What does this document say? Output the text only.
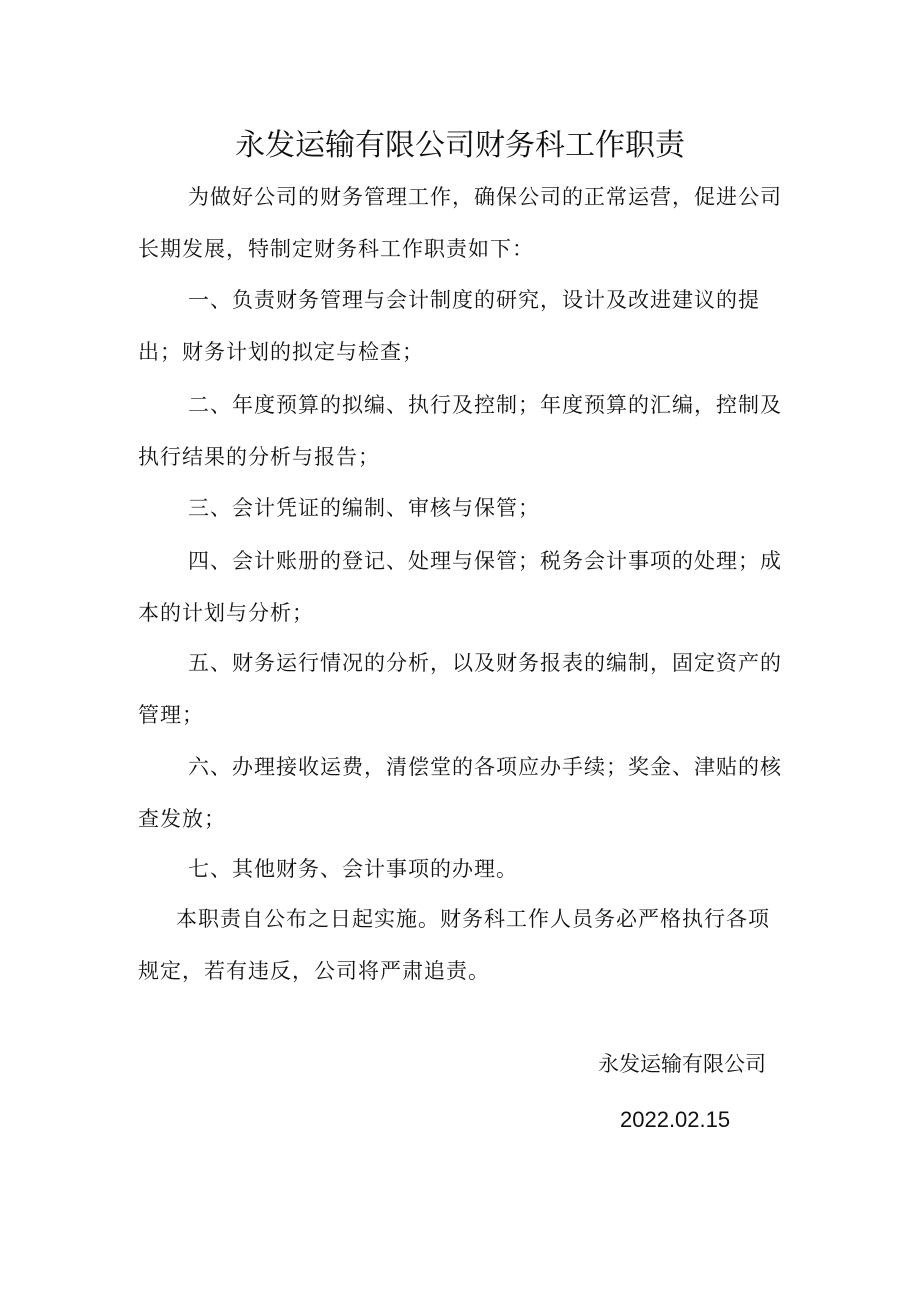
永发运输有限公司财务科工作职责
为做好公司的财务管理工作，确保公司的正常运营，促进公司长期发展，特制定财务科工作职责如下：
一、负责财务管理与会计制度的研究，设计及改进建议的提出；财务计划的拟定与检查；
二、年度预算的拟编、执行及控制；年度预算的汇编，控制及执行结果的分析与报告；
三、会计凭证的编制、审核与保管；
四、会计账册的登记、处理与保管；税务会计事项的处理；成本的计划与分析；
五、财务运行情况的分析，以及财务报表的编制，固定资产的管理；
六、办理接收运费，清偿堂的各项应办手续；奖金、津贴的核查发放；
七、其他财务、会计事项的办理。
本职责自公布之日起实施。财务科工作人员务必严格执行各项规定，若有违反，公司将严肃追责。
永发运输有限公司
2022.02.15
